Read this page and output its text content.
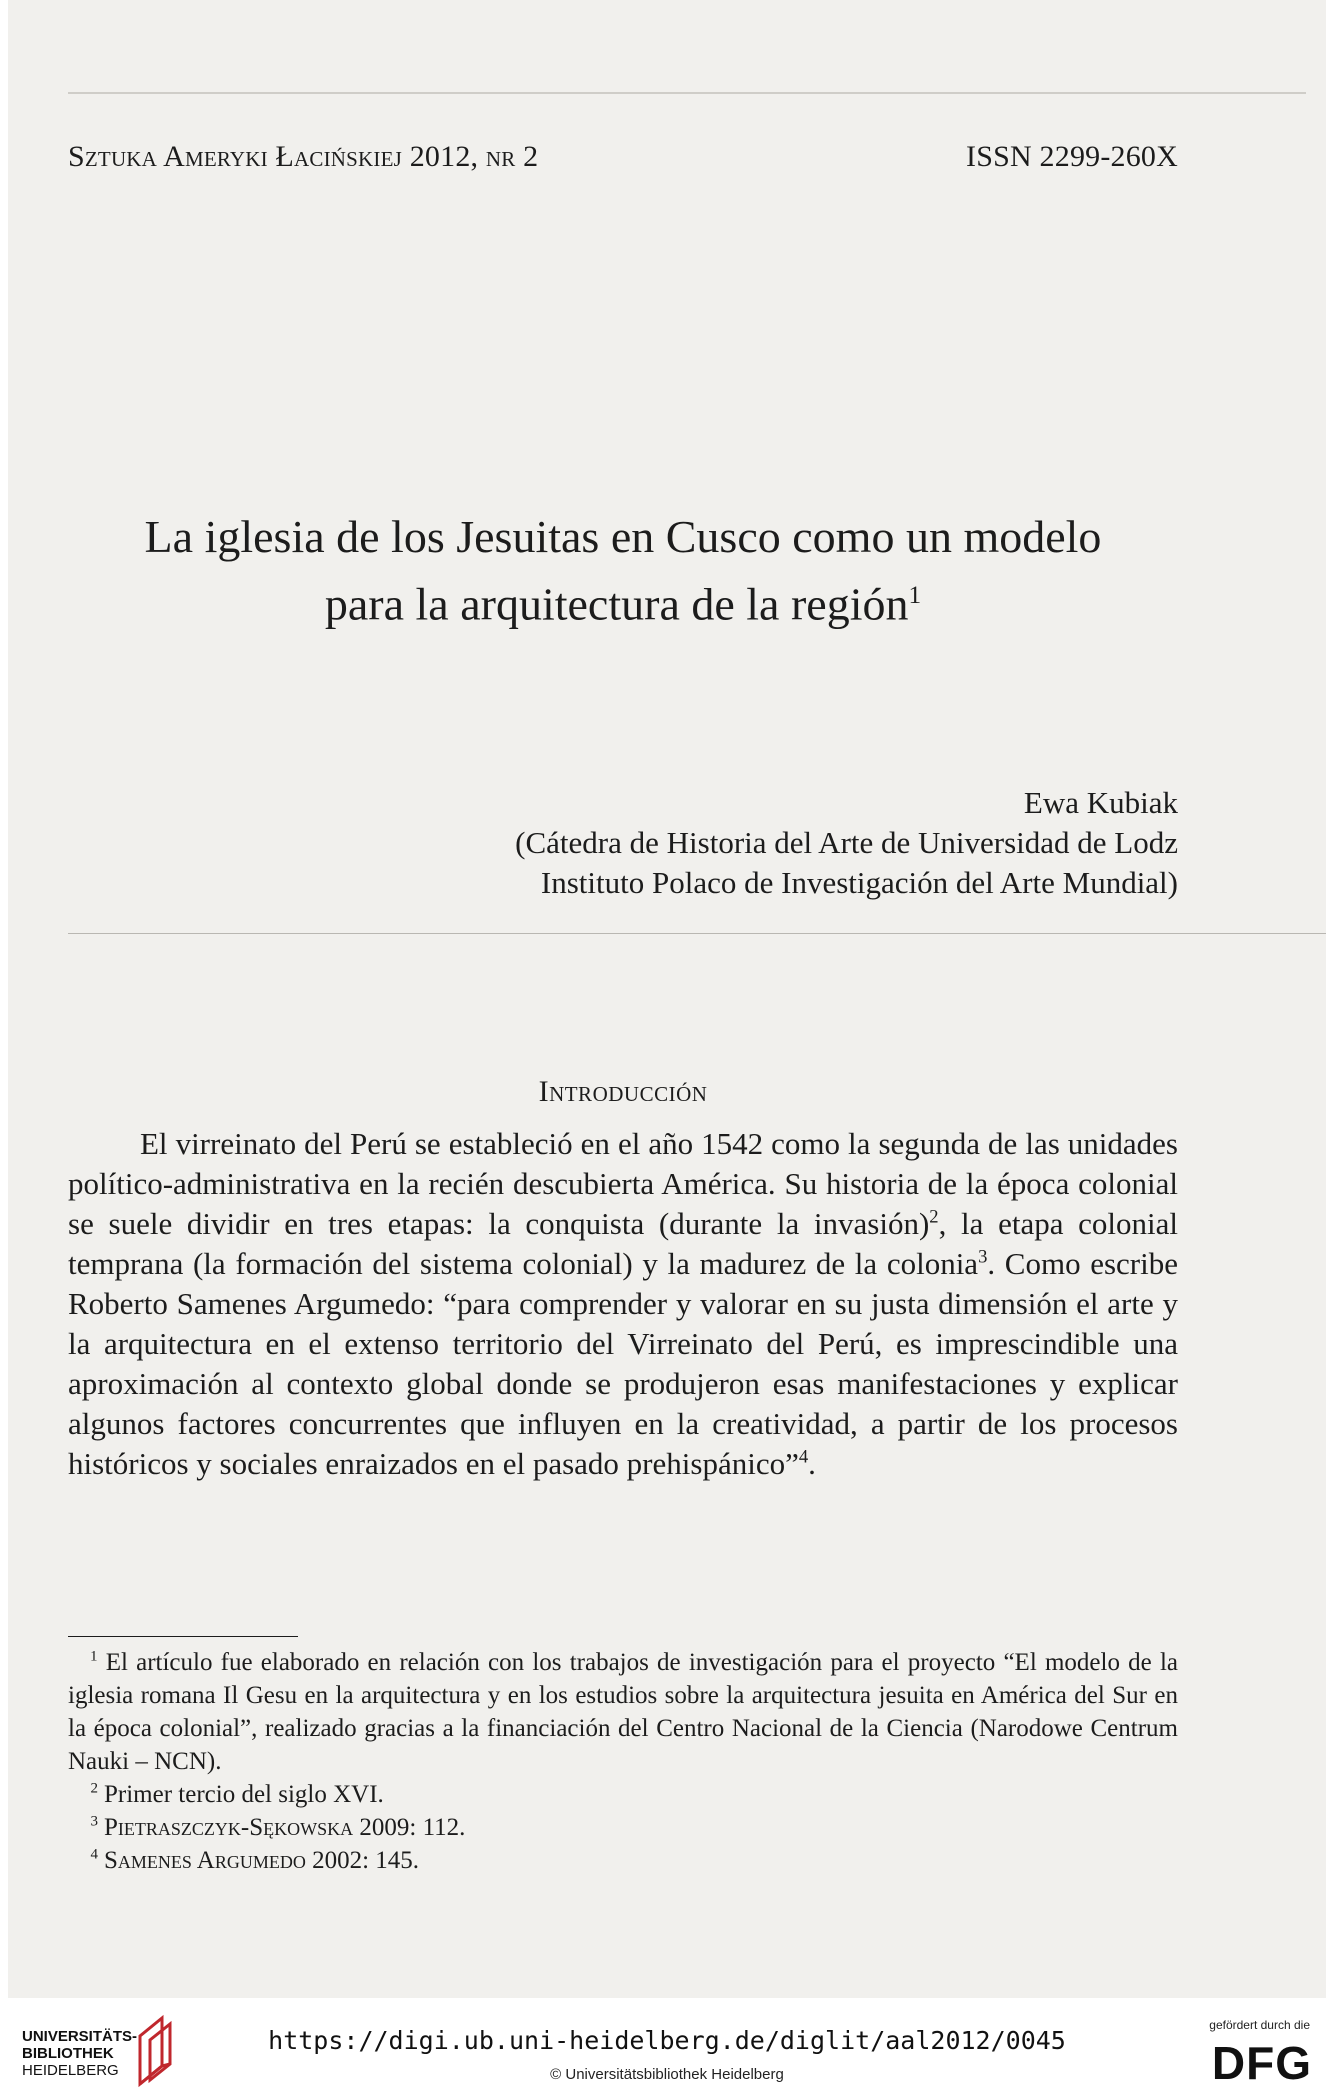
Sztuka Ameryki Łacińskiej 2012, nr 2	ISSN 2299-260X
La iglesia de los Jesuitas en Cusco como un modelo
para la arquitectura de la región$^1$
Ewa Kubiak
(Cátedra de Historia del Arte de Universidad de Lodz
Instituto Polaco de Investigación del Arte Mundial)
Introducción

El virreinato del Perú se estableció en el año 1542 como la segunda de las unidades político-administrativa en la recién descubierta América. Su historia de la época colonial se suele dividir en tres etapas: la conquista (durante la invasión)$^2$, la etapa colonial temprana (la formación del sistema colonial) y la madurez de la colonia$^3$. Como escribe Roberto Samenes Argumedo: “para comprender y valorar en su justa dimensión el arte y la arquitectura en el extenso territorio del Virreinato del Perú, es imprescindible una aproximación al contexto global donde se produjeron esas manifestaciones y explicar algunos factores concurrentes que influyen en la creatividad, a partir de los procesos históricos y sociales enraizados en el pasado prehispánico”$^4$.

$^1$ El artículo fue elaborado en relación con los trabajos de investigación para el proyecto “El modelo de la iglesia romana Il Gesu en la arquitectura y en los estudios sobre la arquitectura jesuita en América del Sur en la época colonial”, realizado gracias a la financiación del Centro Nacional de la Ciencia (Narodowe Centrum Nauki – NCN).
$^2$ Primer tercio del siglo XVI.
$^3$ Pietraszczyk-Sękowska 2009: 112.
$^4$ Samenes Argumedo 2002: 145.
UNIVERSITÄTS-
BIBLIOTHEK
HEIDELBERG
https://digi.ub.uni-heidelberg.de/diglit/aal2012/0045
© Universitätsbibliothek Heidelberg
gefördert durch die
DFG
